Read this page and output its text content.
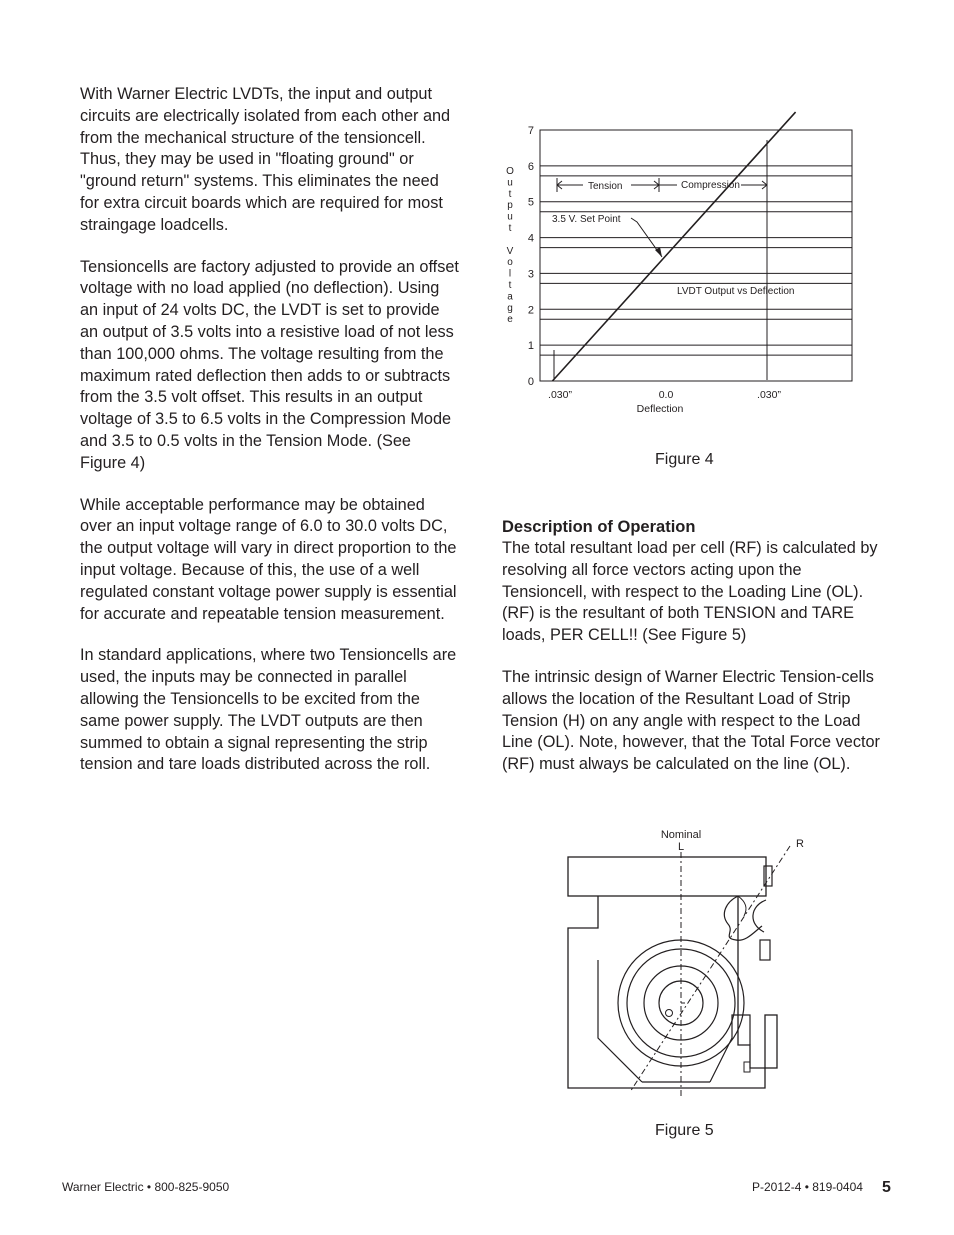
With Warner Electric LVDTs, the input and output circuits are electrically isolated from each other and from the mechanical structure of the tensioncell. Thus, they may be used in "floating ground" or "ground return" systems. This eliminates the need for extra circuit boards which are required for most straingage loadcells.

Tensioncells are factory adjusted to provide an offset voltage with no load applied (no deflection). Using an input of 24 volts DC, the LVDT is set to provide an output of 3.5 volts into a resistive load of not less than 100,000 ohms. The voltage resulting from the maximum rated deflection then adds to or subtracts from the 3.5 volt offset. This results in an output voltage of 3.5 to 6.5 volts in the Compression Mode and 3.5 to 0.5 volts in the Tension Mode. (See Figure 4)

While acceptable performance may be obtained over an input voltage range of 6.0 to 30.0 volts DC, the output voltage will vary in direct proportion to the input voltage. Because of this, the use of a well regulated constant voltage power supply is essential for accurate and repeatable tension measurement.

In standard applications, where two Tensioncells are used, the inputs may be connected in parallel allowing the Tensioncells to be excited from the same power supply. The LVDT outputs are then summed to obtain a signal representing the strip tension and tare loads distributed across the roll.

0
1
2
3
4
5
6
7
O
u
t
p
u
t
V
o
l
t
a
g
e
Tension	Compression
3.5 V. Set Point
LVDT Output vs Deflection
.030”	0.0	.030”
Deflection
Figure 4
Description of Operation

The total resultant load per cell (RF) is calculated by resolving all force vectors acting upon the Tensioncell, with respect to the Loading Line (OL). (RF) is the resultant of both TENSION and TARE loads, PER CELL!! (See Figure 5)

The intrinsic design of Warner Electric Tension-cells allows the location of the Resultant Load of Strip Tension (H) on any angle with respect to the Load Line (OL). Note, however, that the Total Force vector (RF) must always be calculated on the line (OL).

Nominal
L	R
Figure 5
Warner Electric • 800-825-9050	P-2012-4 • 819-0404 5
